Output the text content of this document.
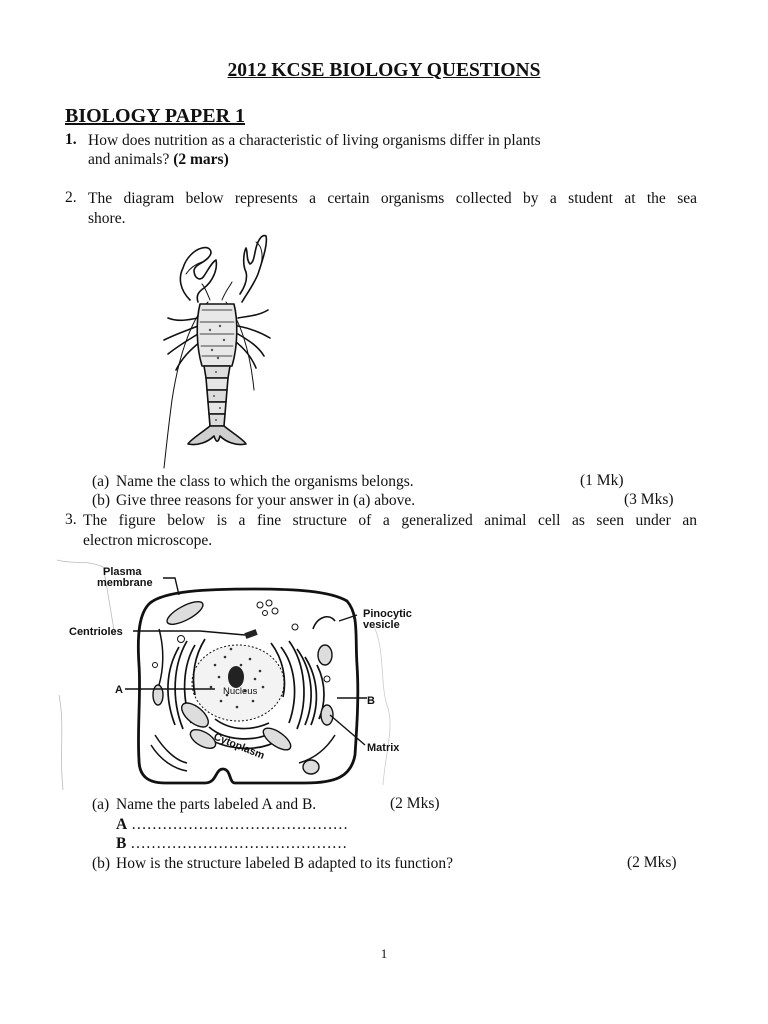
2012 KCSE BIOLOGY QUESTIONS
BIOLOGY PAPER 1
1. How does nutrition as a characteristic of living organisms differ in plants
and animals? (2 mars)
2. The diagram below represents a certain organisms collected by a student at the sea
shore.
(a) Name the class to which the organisms belongs.	(1 Mk)
(b) Give three reasons for your answer in (a) above.	(3 Mks)
3. The figure below is a fine structure of a generalized animal cell as seen under an
electron microscope.
Plasma
membrane
Pinocytic
vesicle
Centrioles
A	Nucleus
B
Cytoplasm	Matrix
(a) Name the parts labeled A and B.	(2 Mks)
A ……………………………………
B ……………………………………
(b) How is the structure labeled B adapted to its function?	(2 Mks)
1
